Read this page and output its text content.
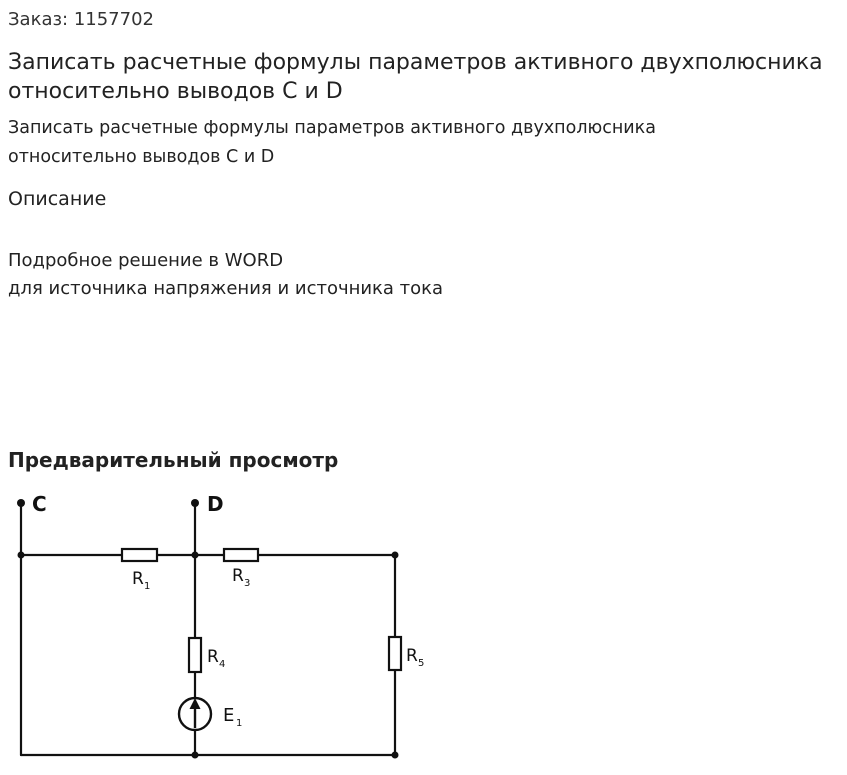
Заказ: 1157702
Записать расчетные формулы параметров активного двухполюсника относительно выводов C и D
Записать расчетные формулы параметров активного двухполюсника относительно выводов C и D
Описание
Подробное решение в WORD
для источника напряжения и источника тока
Предварительный просмотр
C	D
R 1
R 3
R 4	R 5
E 1
